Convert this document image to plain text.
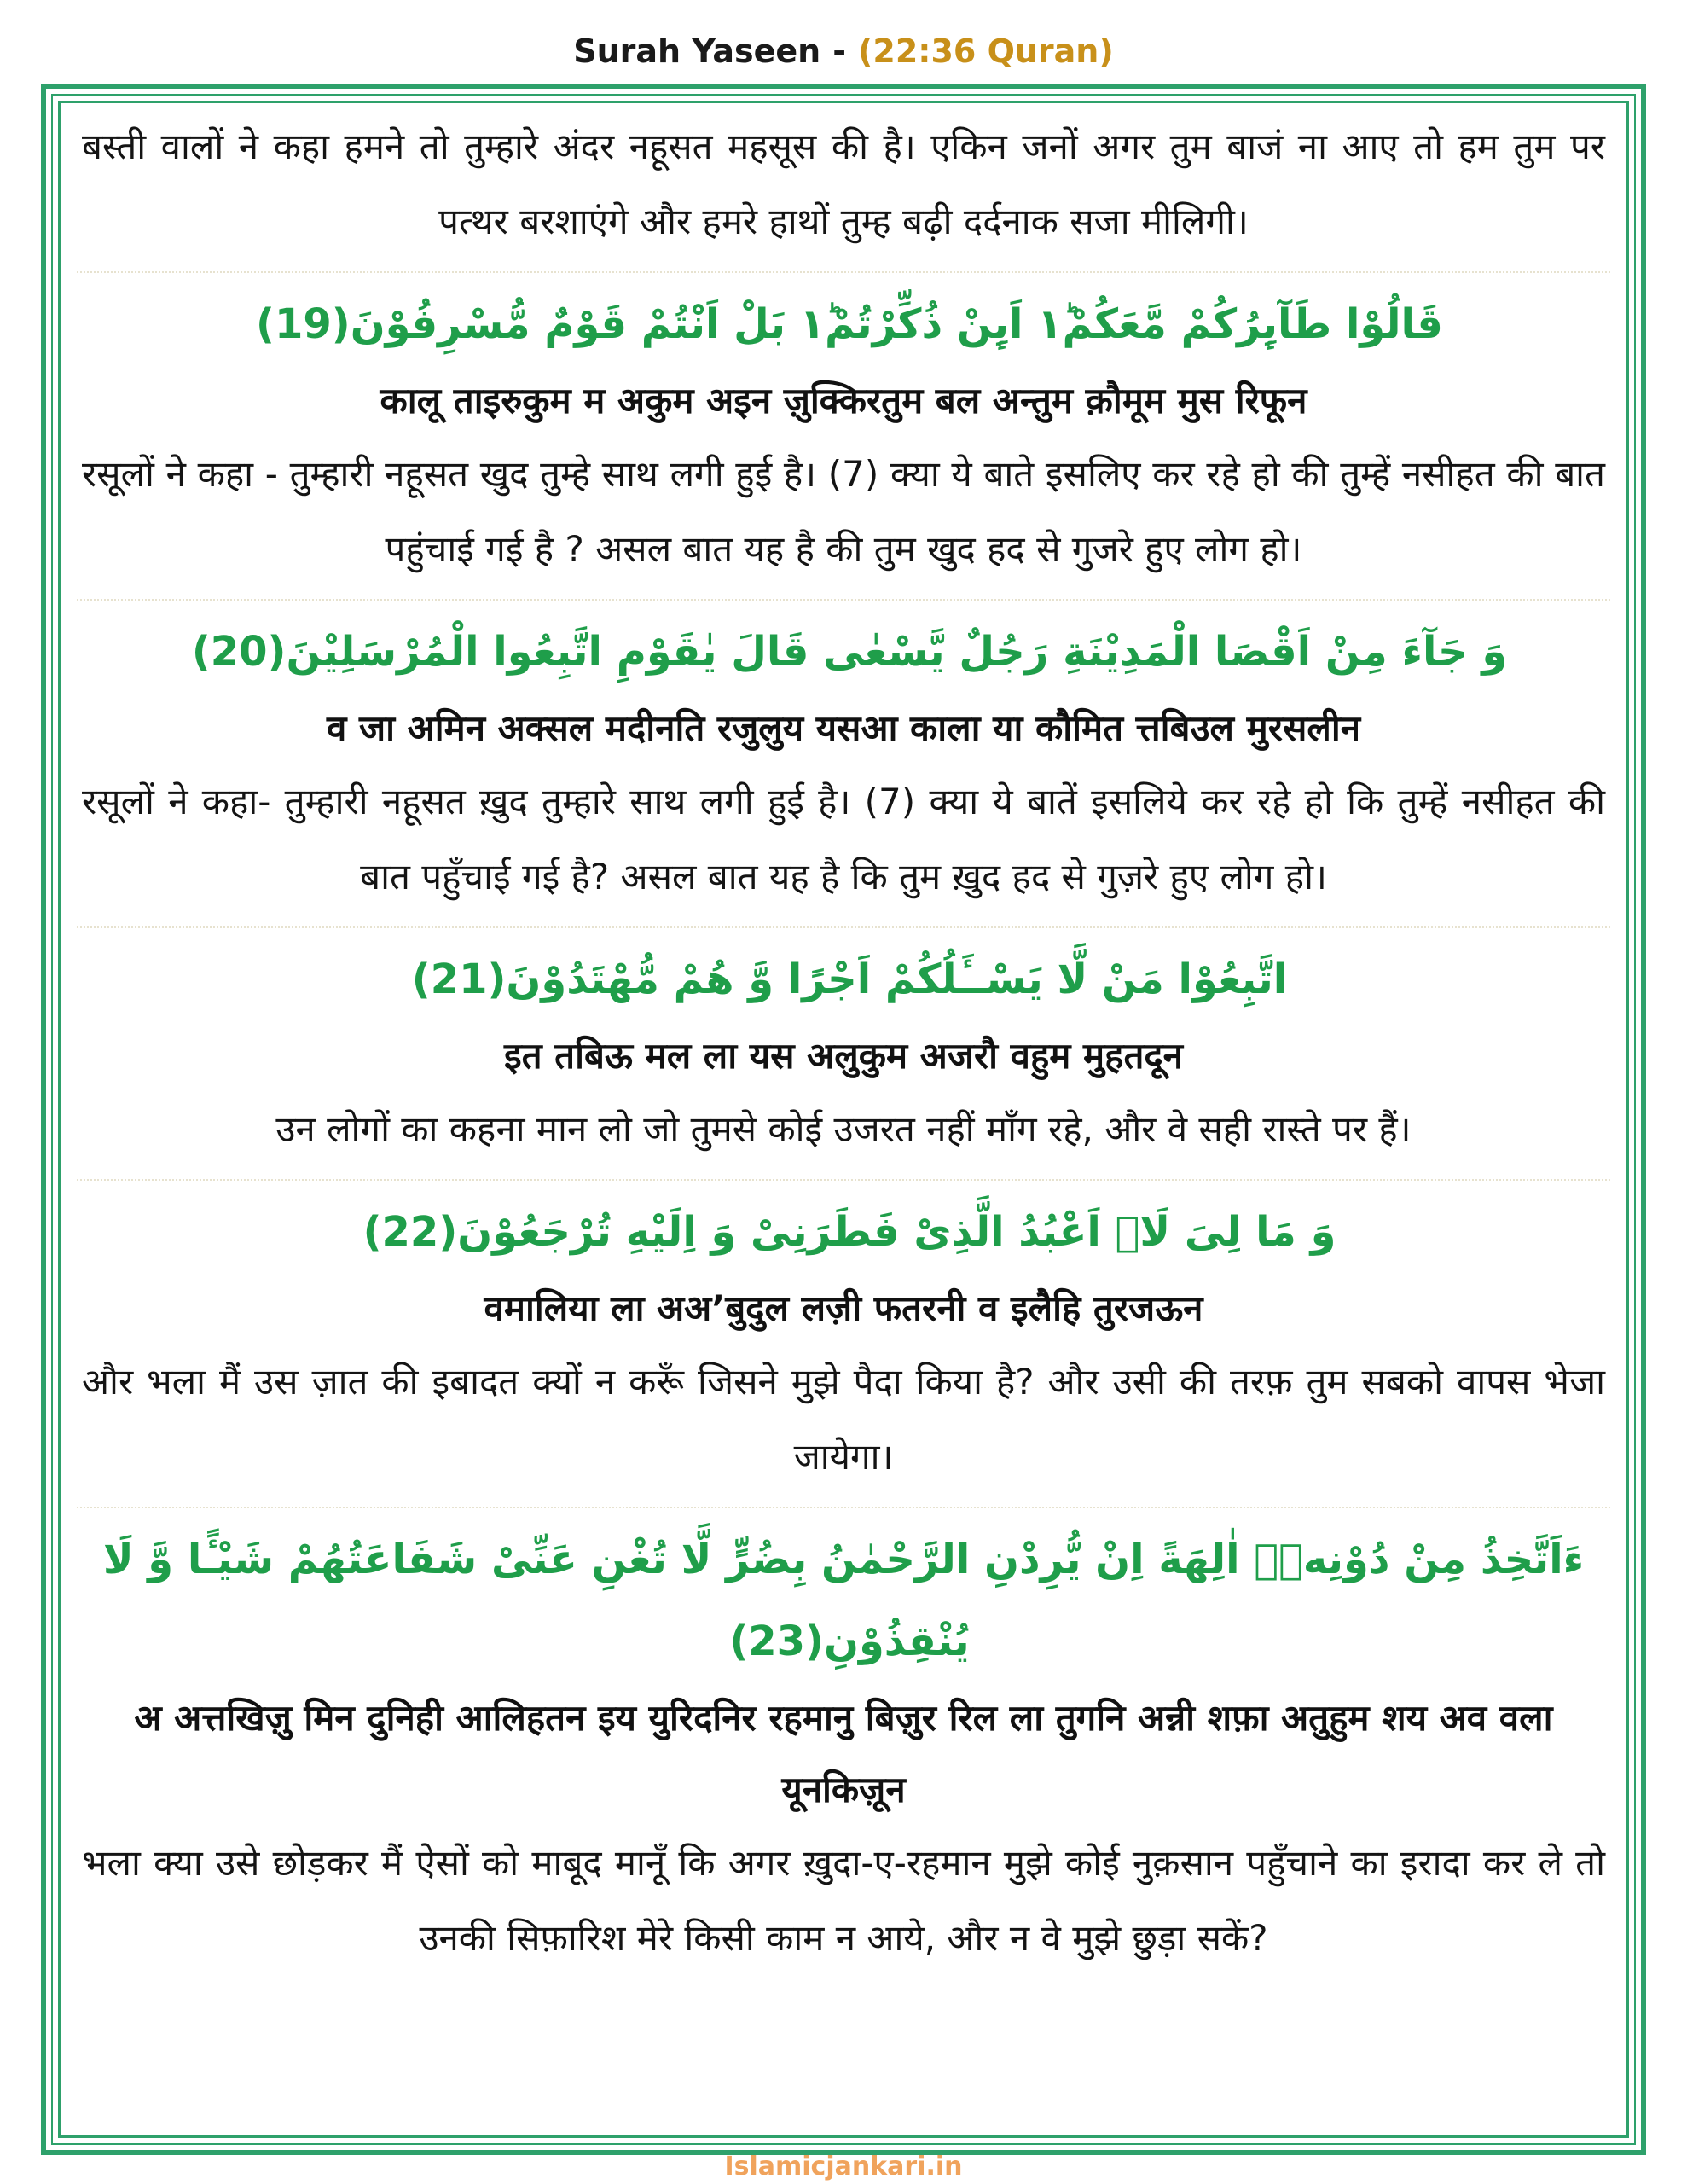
Surah Yaseen - (22:36 Quran)
बस्ती वालों ने कहा हमने तो तुम्हारे अंदर नहूसत महसूस की है। एकिन जनों अगर तुम बाजं ना आए तो हम तुम पर पत्थर बरशाएंगे और हमरे हाथों तुम्ह बढ़ी दर्दनाक सजा मीलिगी।
قَالُوْا طَآىِٕرُكُمْ مَّعَكُمْ١ؕ اَىِٕنْ ذُكِّرْتُمْ١ؕ بَلْ اَنْتُمْ قَوْمٌ مُّسْرِفُوْنَ(19)
कालू ताइरुकुम म अकुम अइन ज़ुक्किरतुम बल अन्तुम क़ौमूम मुस रिफून
रसूलों ने कहा - तुम्हारी नहूसत खुद तुम्हे साथ लगी हुई है। (7) क्या ये बाते इसलिए कर रहे हो की तुम्हें नसीहत की बात पहुंचाई गई है ? असल बात यह है की तुम खुद हद से गुजरे हुए लोग हो।
وَ جَآءَ مِنْ اَقْصَا الْمَدِیْنَةِ رَجُلٌ یَّسْعٰى قَالَ یٰقَوْمِ اتَّبِعُوا الْمُرْسَلِیْنَ(20)
व जा अमिन अक्सल मदीनति रजुलुय यसआ काला या कौमित त्तबिउल मुरसलीन
रसूलों ने कहा- तुम्हारी नहूसत ख़ुद तुम्हारे साथ लगी हुई है। (7) क्या ये बातें इसलिये कर रहे हो कि तुम्हें नसीहत की बात पहुँचाई गई है? असल बात यह है कि तुम ख़ुद हद से गुज़रे हुए लोग हो।
اتَّبِعُوْا مَنْ لَّا یَسْــَٔلُكُمْ اَجْرًا وَّ هُمْ مُّهْتَدُوْنَ(21)
इत तबिऊ मल ला यस अलुकुम अजरौ वहुम मुहतदून
उन लोगों का कहना मान लो जो तुमसे कोई उजरत नहीं माँग रहे, और वे सही रास्ते पर हैं।
وَ مَا لِیَ لَاۤ اَعْبُدُ الَّذِیْ فَطَرَنِیْ وَ اِلَیْهِ تُرْجَعُوْنَ(22)
वमालिया ला अअ’बुदुल लज़ी फतरनी व इलैहि तुरजऊन
और भला मैं उस ज़ात की इबादत क्यों न करूँ जिसने मुझे पैदा किया है? और उसी की तरफ़ तुम सबको वापस भेजा जायेगा।
ءَاَتَّخِذُ مِنْ دُوْنِهٖۤ اٰلِهَةً اِنْ یُّرِدْنِ الرَّحْمٰنُ بِضُرٍّ لَّا تُغْنِ عَنِّیْ شَفَاعَتُهُمْ شَیْـًٔا وَّ لَا یُنْقِذُوْنِ(23)
अ अत्तखिज़ु मिन दुनिही आलिहतन इय युरिदनिर रहमानु बिज़ुर रिल ला तुगनि अन्नी शफ़ा अतुहुम शय अव वला यूनकिज़ून
भला क्या उसे छोड़कर मैं ऐसों को माबूद मानूँ कि अगर ख़ुदा-ए-रहमान मुझे कोई नुक़सान पहुँचाने का इरादा कर ले तो उनकी सिफ़ारिश मेरे किसी काम न आये, और न वे मुझे छुड़ा सकें?
Islamicjankari.in
